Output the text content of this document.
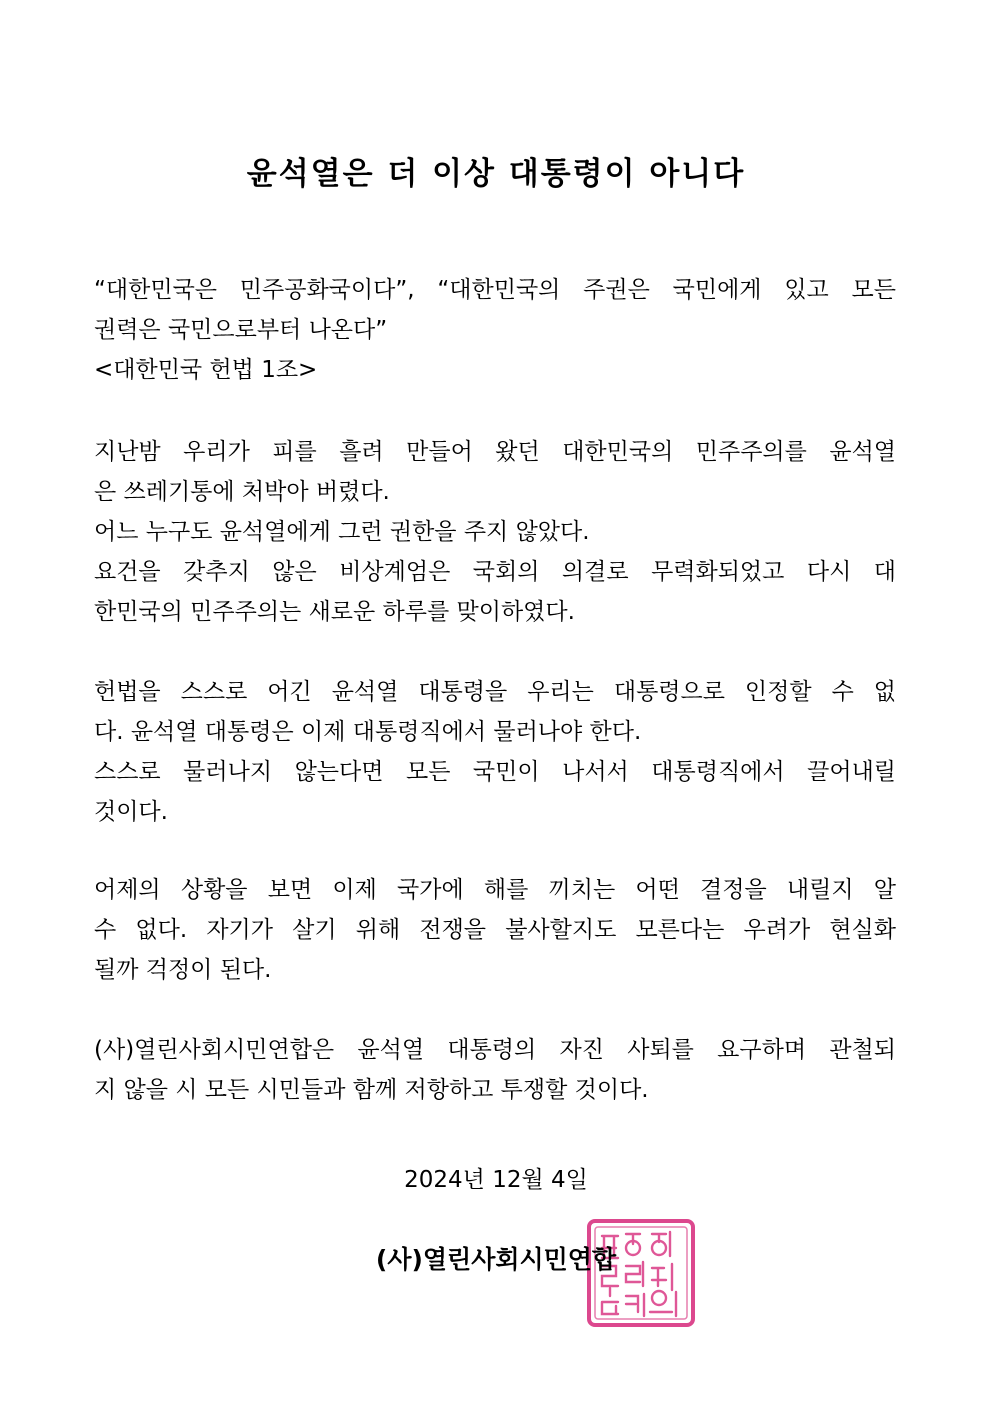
윤석열은 더 이상 대통령이 아니다
“대한민국은 민주공화국이다”, “대한민국의 주권은 국민에게 있고 모든
권력은 국민으로부터 나온다”
<대한민국 헌법 1조>
지난밤 우리가 피를 흘려 만들어 왔던 대한민국의 민주주의를 윤석열
은 쓰레기통에 처박아 버렸다.
어느 누구도 윤석열에게 그런 권한을 주지 않았다.
요건을 갖추지 않은 비상계엄은 국회의 의결로 무력화되었고 다시 대
한민국의 민주주의는 새로운 하루를 맞이하였다.
헌법을 스스로 어긴 윤석열 대통령을 우리는 대통령으로 인정할 수 없
다. 윤석열 대통령은 이제 대통령직에서 물러나야 한다.
스스로 물러나지 않는다면 모든 국민이 나서서 대통령직에서 끌어내릴
것이다.
어제의 상황을 보면 이제 국가에 해를 끼치는 어떤 결정을 내릴지 알
수 없다. 자기가 살기 위해 전쟁을 불사할지도 모른다는 우려가 현실화
될까 걱정이 된다.
(사)열린사회시민연합은 윤석열 대통령의 자진 사퇴를 요구하며 관철되
지 않을 시 모든 시민들과 함께 저항하고 투쟁할 것이다.
2024년 12월 4일
(사)열린사회시민연합
